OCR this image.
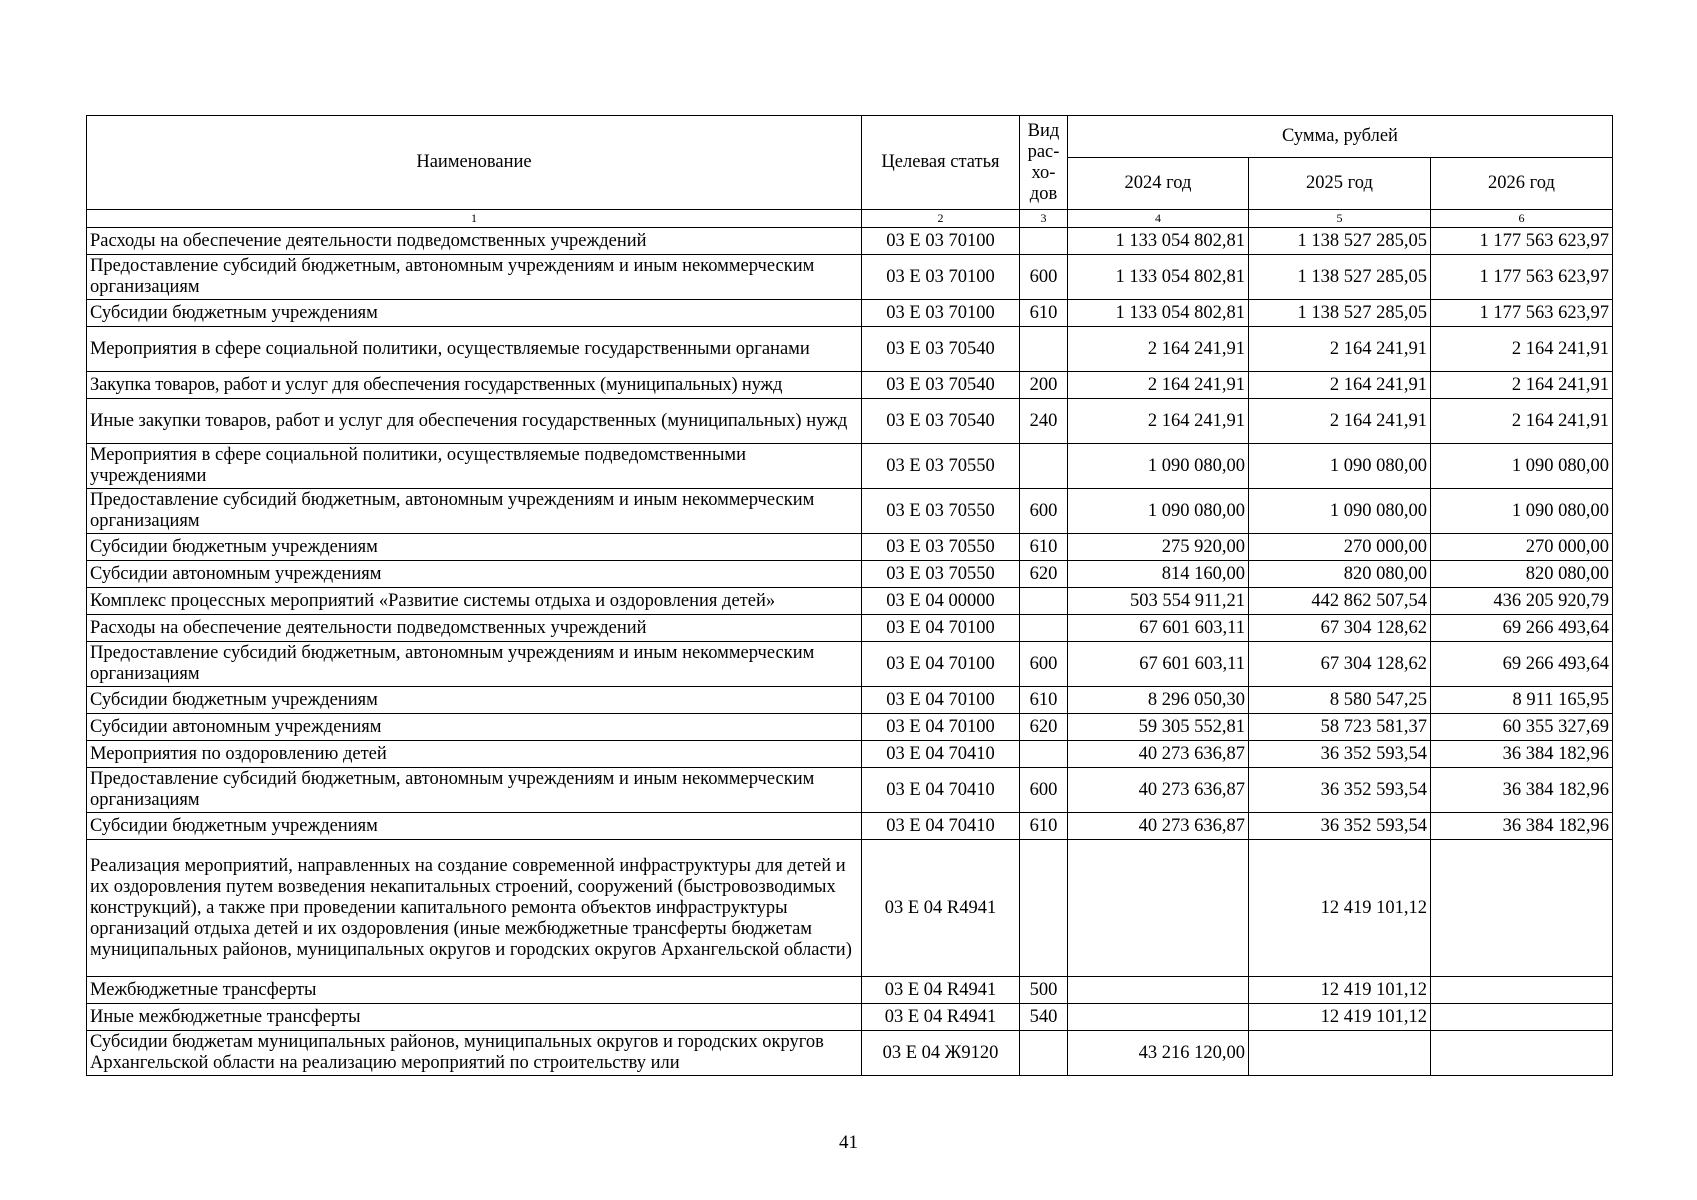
Наименование	Целевая статья	Вид рас-хо-дов	Сумма, рублей		
			2024 год	2025 год	2026 год
1	2	3	4	5	6
Расходы на обеспечение деятельности подведомственных учреждений	03 Е 03 70100		1 133 054 802,81	1 138 527 285,05	1 177 563 623,97
Предоставление субсидий бюджетным, автономным учреждениям и иным некоммерческим организациям	03 Е 03 70100	600	1 133 054 802,81	1 138 527 285,05	1 177 563 623,97
Субсидии бюджетным учреждениям	03 Е 03 70100	610	1 133 054 802,81	1 138 527 285,05	1 177 563 623,97
Мероприятия в сфере социальной политики, осуществляемые государственными органами	03 Е 03 70540		2 164 241,91	2 164 241,91	2 164 241,91
Закупка товаров, работ и услуг для обеспечения государственных (муниципальных) нужд	03 Е 03 70540	200	2 164 241,91	2 164 241,91	2 164 241,91
Иные закупки товаров, работ и услуг для обеспечения государственных (муниципальных) нужд	03 Е 03 70540	240	2 164 241,91	2 164 241,91	2 164 241,91
Мероприятия в сфере социальной политики, осуществляемые подведомственными учреждениями	03 Е 03 70550		1 090 080,00	1 090 080,00	1 090 080,00
Предоставление субсидий бюджетным, автономным учреждениям и иным некоммерческим организациям	03 Е 03 70550	600	1 090 080,00	1 090 080,00	1 090 080,00
Субсидии бюджетным учреждениям	03 Е 03 70550	610	275 920,00	270 000,00	270 000,00
Субсидии автономным учреждениям	03 Е 03 70550	620	814 160,00	820 080,00	820 080,00
Комплекс процессных мероприятий «Развитие системы отдыха и оздоровления детей»	03 Е 04 00000		503 554 911,21	442 862 507,54	436 205 920,79
Расходы на обеспечение деятельности подведомственных учреждений	03 Е 04 70100		67 601 603,11	67 304 128,62	69 266 493,64
Предоставление субсидий бюджетным, автономным учреждениям и иным некоммерческим организациям	03 Е 04 70100	600	67 601 603,11	67 304 128,62	69 266 493,64
Субсидии бюджетным учреждениям	03 Е 04 70100	610	8 296 050,30	8 580 547,25	8 911 165,95
Субсидии автономным учреждениям	03 Е 04 70100	620	59 305 552,81	58 723 581,37	60 355 327,69
Мероприятия по оздоровлению детей	03 Е 04 70410		40 273 636,87	36 352 593,54	36 384 182,96
Предоставление субсидий бюджетным, автономным учреждениям и иным некоммерческим организациям	03 Е 04 70410	600	40 273 636,87	36 352 593,54	36 384 182,96
Субсидии бюджетным учреждениям	03 Е 04 70410	610	40 273 636,87	36 352 593,54	36 384 182,96
Реализация мероприятий, направленных на создание современной инфраструктуры для детей и их оздоровления путем возведения некапитальных строений, сооружений (быстровозводимых конструкций), а также при проведении капитального ремонта объектов инфраструктуры организаций отдыха детей и их оздоровления (иные межбюджетные трансферты бюджетам муниципальных районов, муниципальных округов и городских округов Архангельской области)	03 Е 04 R4941			12 419 101,12	
Межбюджетные трансферты	03 Е 04 R4941	500		12 419 101,12	
Иные межбюджетные трансферты	03 Е 04 R4941	540		12 419 101,12	
Субсидии бюджетам муниципальных районов, муниципальных округов и городских округов Архангельской области на реализацию мероприятий по строительству или	03 Е 04 Ж9120		43 216 120,00		
41
